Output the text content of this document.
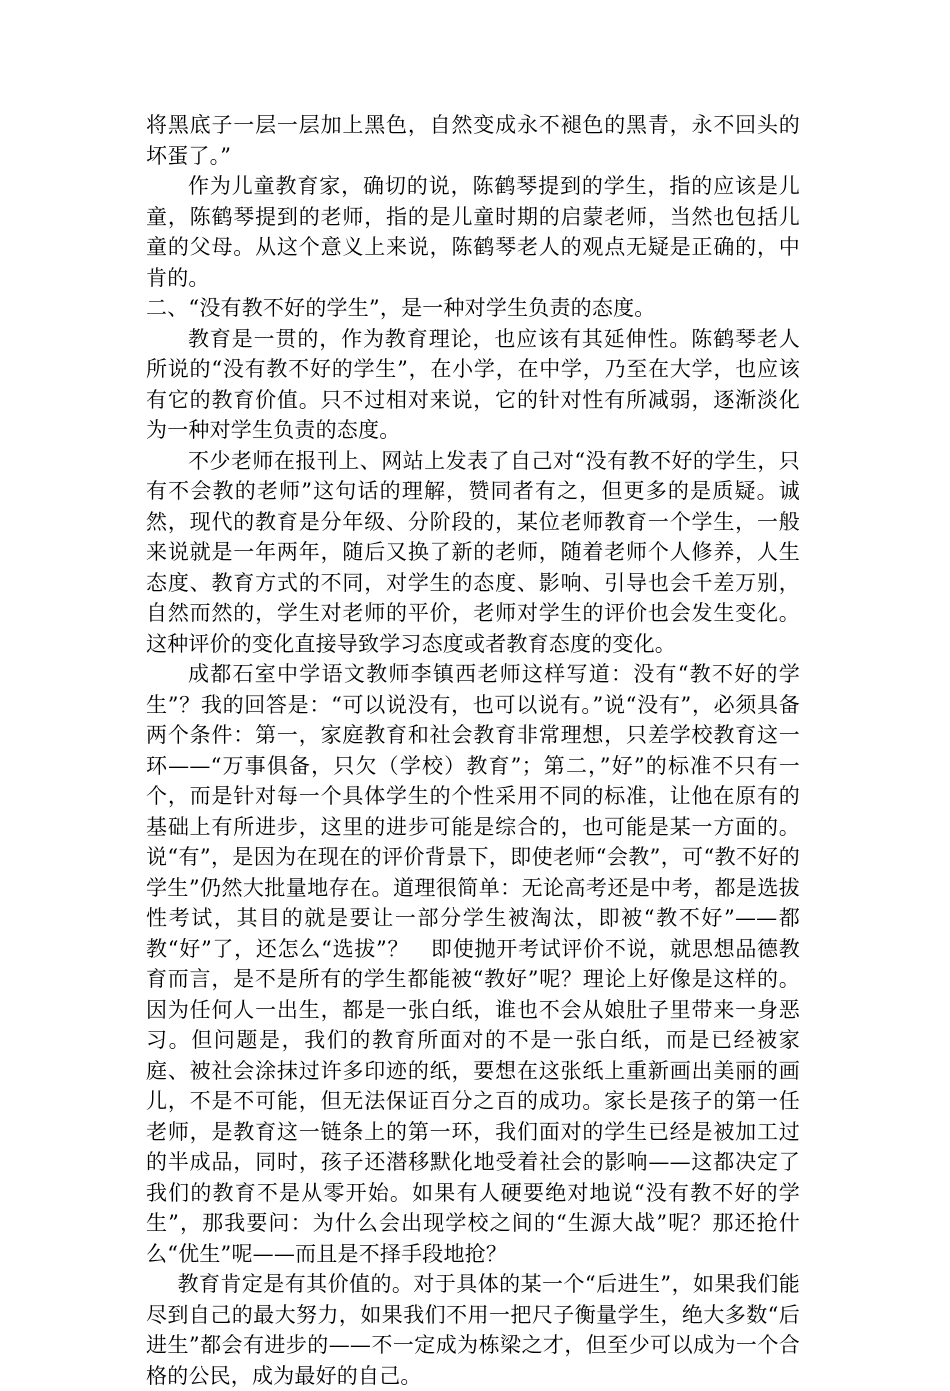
将黑底子一层一层加上黑色，自然变成永不褪色的黑青，永不回头的坏蛋了。”

作为儿童教育家，确切的说，陈鹤琴提到的学生，指的应该是儿童，陈鹤琴提到的老师，指的是儿童时期的启蒙老师，当然也包括儿童的父母。从这个意义上来说，陈鹤琴老人的观点无疑是正确的，中肯的。

二、“没有教不好的学生”，是一种对学生负责的态度。

教育是一贯的，作为教育理论，也应该有其延伸性。陈鹤琴老人所说的“没有教不好的学生”，在小学，在中学，乃至在大学，也应该有它的教育价值。只不过相对来说，它的针对性有所减弱，逐渐淡化为一种对学生负责的态度。

不少老师在报刊上、网站上发表了自己对“没有教不好的学生，只有不会教的老师”这句话的理解，赞同者有之，但更多的是质疑。诚然，现代的教育是分年级、分阶段的，某位老师教育一个学生，一般来说就是一年两年，随后又换了新的老师，随着老师个人修养，人生态度、教育方式的不同，对学生的态度、影响、引导也会千差万别，自然而然的，学生对老师的平价，老师对学生的评价也会发生变化。这种评价的变化直接导致学习态度或者教育态度的变化。

成都石室中学语文教师李镇西老师这样写道：没有“教不好的学生”？我的回答是：“可以说没有，也可以说有。”说“没有”，必须具备两个条件：第一，家庭教育和社会教育非常理想，只差学校教育这一环——“万事俱备，只欠（学校）教育”；第二，”好”的标准不只有一个，而是针对每一个具体学生的个性采用不同的标准，让他在原有的基础上有所进步，这里的进步可能是综合的，也可能是某一方面的。说“有”，是因为在现在的评价背景下，即使老师“会教”，可“教不好的学生”仍然大批量地存在。道理很简单：无论高考还是中考，都是选拔性考试，其目的就是要让一部分学生被淘汰，即被“教不好”——都教“好”了，还怎么“选拔”？　即使抛开考试评价不说，就思想品德教育而言，是不是所有的学生都能被“教好”呢？理论上好像是这样的。因为任何人一出生，都是一张白纸，谁也不会从娘肚子里带来一身恶习。但问题是，我们的教育所面对的不是一张白纸，而是已经被家庭、被社会涂抹过许多印迹的纸，要想在这张纸上重新画出美丽的画儿，不是不可能，但无法保证百分之百的成功。家长是孩子的第一任老师，是教育这一链条上的第一环，我们面对的学生已经是被加工过的半成品，同时，孩子还潜移默化地受着社会的影响——这都决定了我们的教育不是从零开始。如果有人硬要绝对地说“没有教不好的学生”，那我要问：为什么会出现学校之间的“生源大战”呢？那还抢什么“优生”呢——而且是不择手段地抢？

教育肯定是有其价值的。对于具体的某一个“后进生”，如果我们能尽到自己的最大努力，如果我们不用一把尺子衡量学生，绝大多数“后进生”都会有进步的——不一定成为栋梁之才，但至少可以成为一个合格的公民，成为最好的自己。
